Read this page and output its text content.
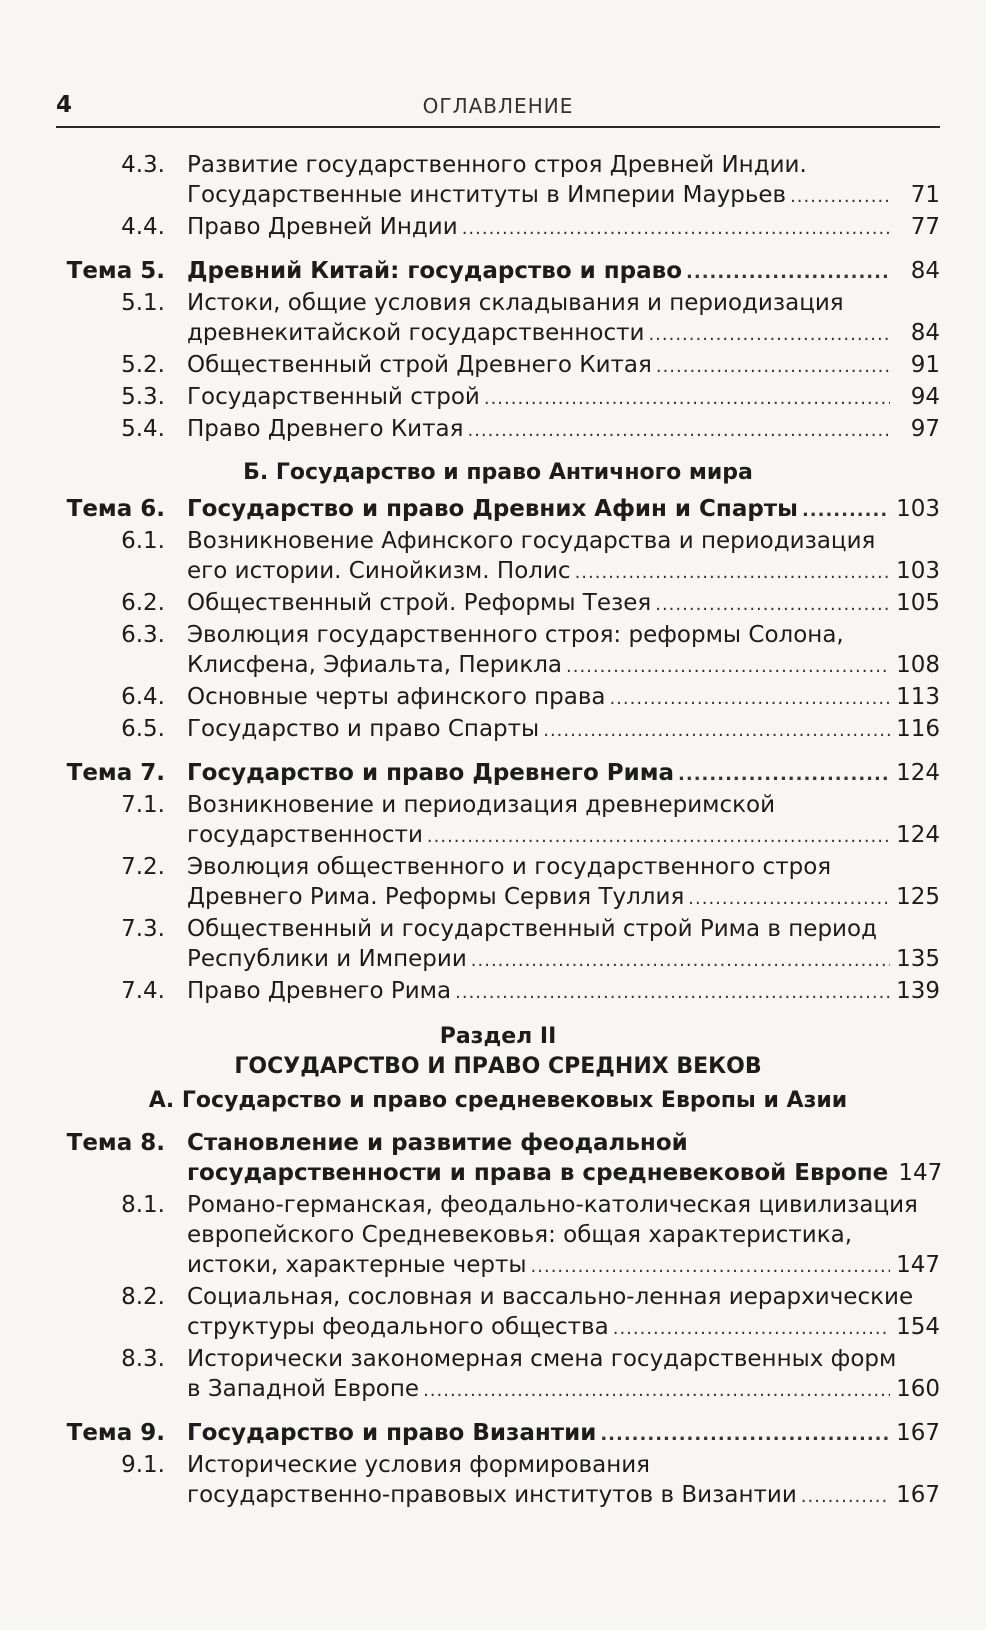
4	ОГЛАВЛЕНИЕ
4.3. Развитие государственного строя Древней Индии.
Государственные институты в Империи Маурьев .....	71
4.4. Право Древней Индии .....	77
Тема 5. Древний Китай: государство и право .....	84
5.1. Истоки, общие условия складывания и периодизация
древнекитайской государственности .....	84
5.2. Общественный строй Древнего Китая .....	91
5.3. Государственный строй .....	94
5.4. Право Древнего Китая .....	97
Б. Государство и право Античного мира
Тема 6. Государство и право Древних Афин и Спарты .....	103
6.1. Возникновение Афинского государства и периодизация
его истории. Синойкизм. Полис .....	103
6.2. Общественный строй. Реформы Тезея .....	105
6.3. Эволюция государственного строя: реформы Солона,
Клисфена, Эфиальта, Перикла .....	108
6.4. Основные черты афинского права .....	113
6.5. Государство и право Спарты .....	116
Тема 7. Государство и право Древнего Рима .....	124
7.1. Возникновение и периодизация древнеримской
государственности .....	124
7.2. Эволюция общественного и государственного строя
Древнего Рима. Реформы Сервия Туллия .....	125
7.3. Общественный и государственный строй Рима в период
Республики и Империи .....	135
7.4. Право Древнего Рима .....	139
Раздел II
ГОСУДАРСТВО И ПРАВО СРЕДНИХ ВЕКОВ
А. Государство и право средневековых Европы и Азии
Тема 8. Становление и развитие феодальной
государственности и права в средневековой Европе 147
8.1. Романо-германская, феодально-католическая цивилизация
европейского Средневековья: общая характеристика,
истоки, характерные черты .....	147
8.2. Социальная, сословная и вассально-ленная иерархические
структуры феодального общества .....	154
8.3. Исторически закономерная смена государственных форм
в Западной Европе .....	160
Тема 9. Государство и право Византии .....	167
9.1. Исторические условия формирования
государственно-правовых институтов в Византии .....	167
